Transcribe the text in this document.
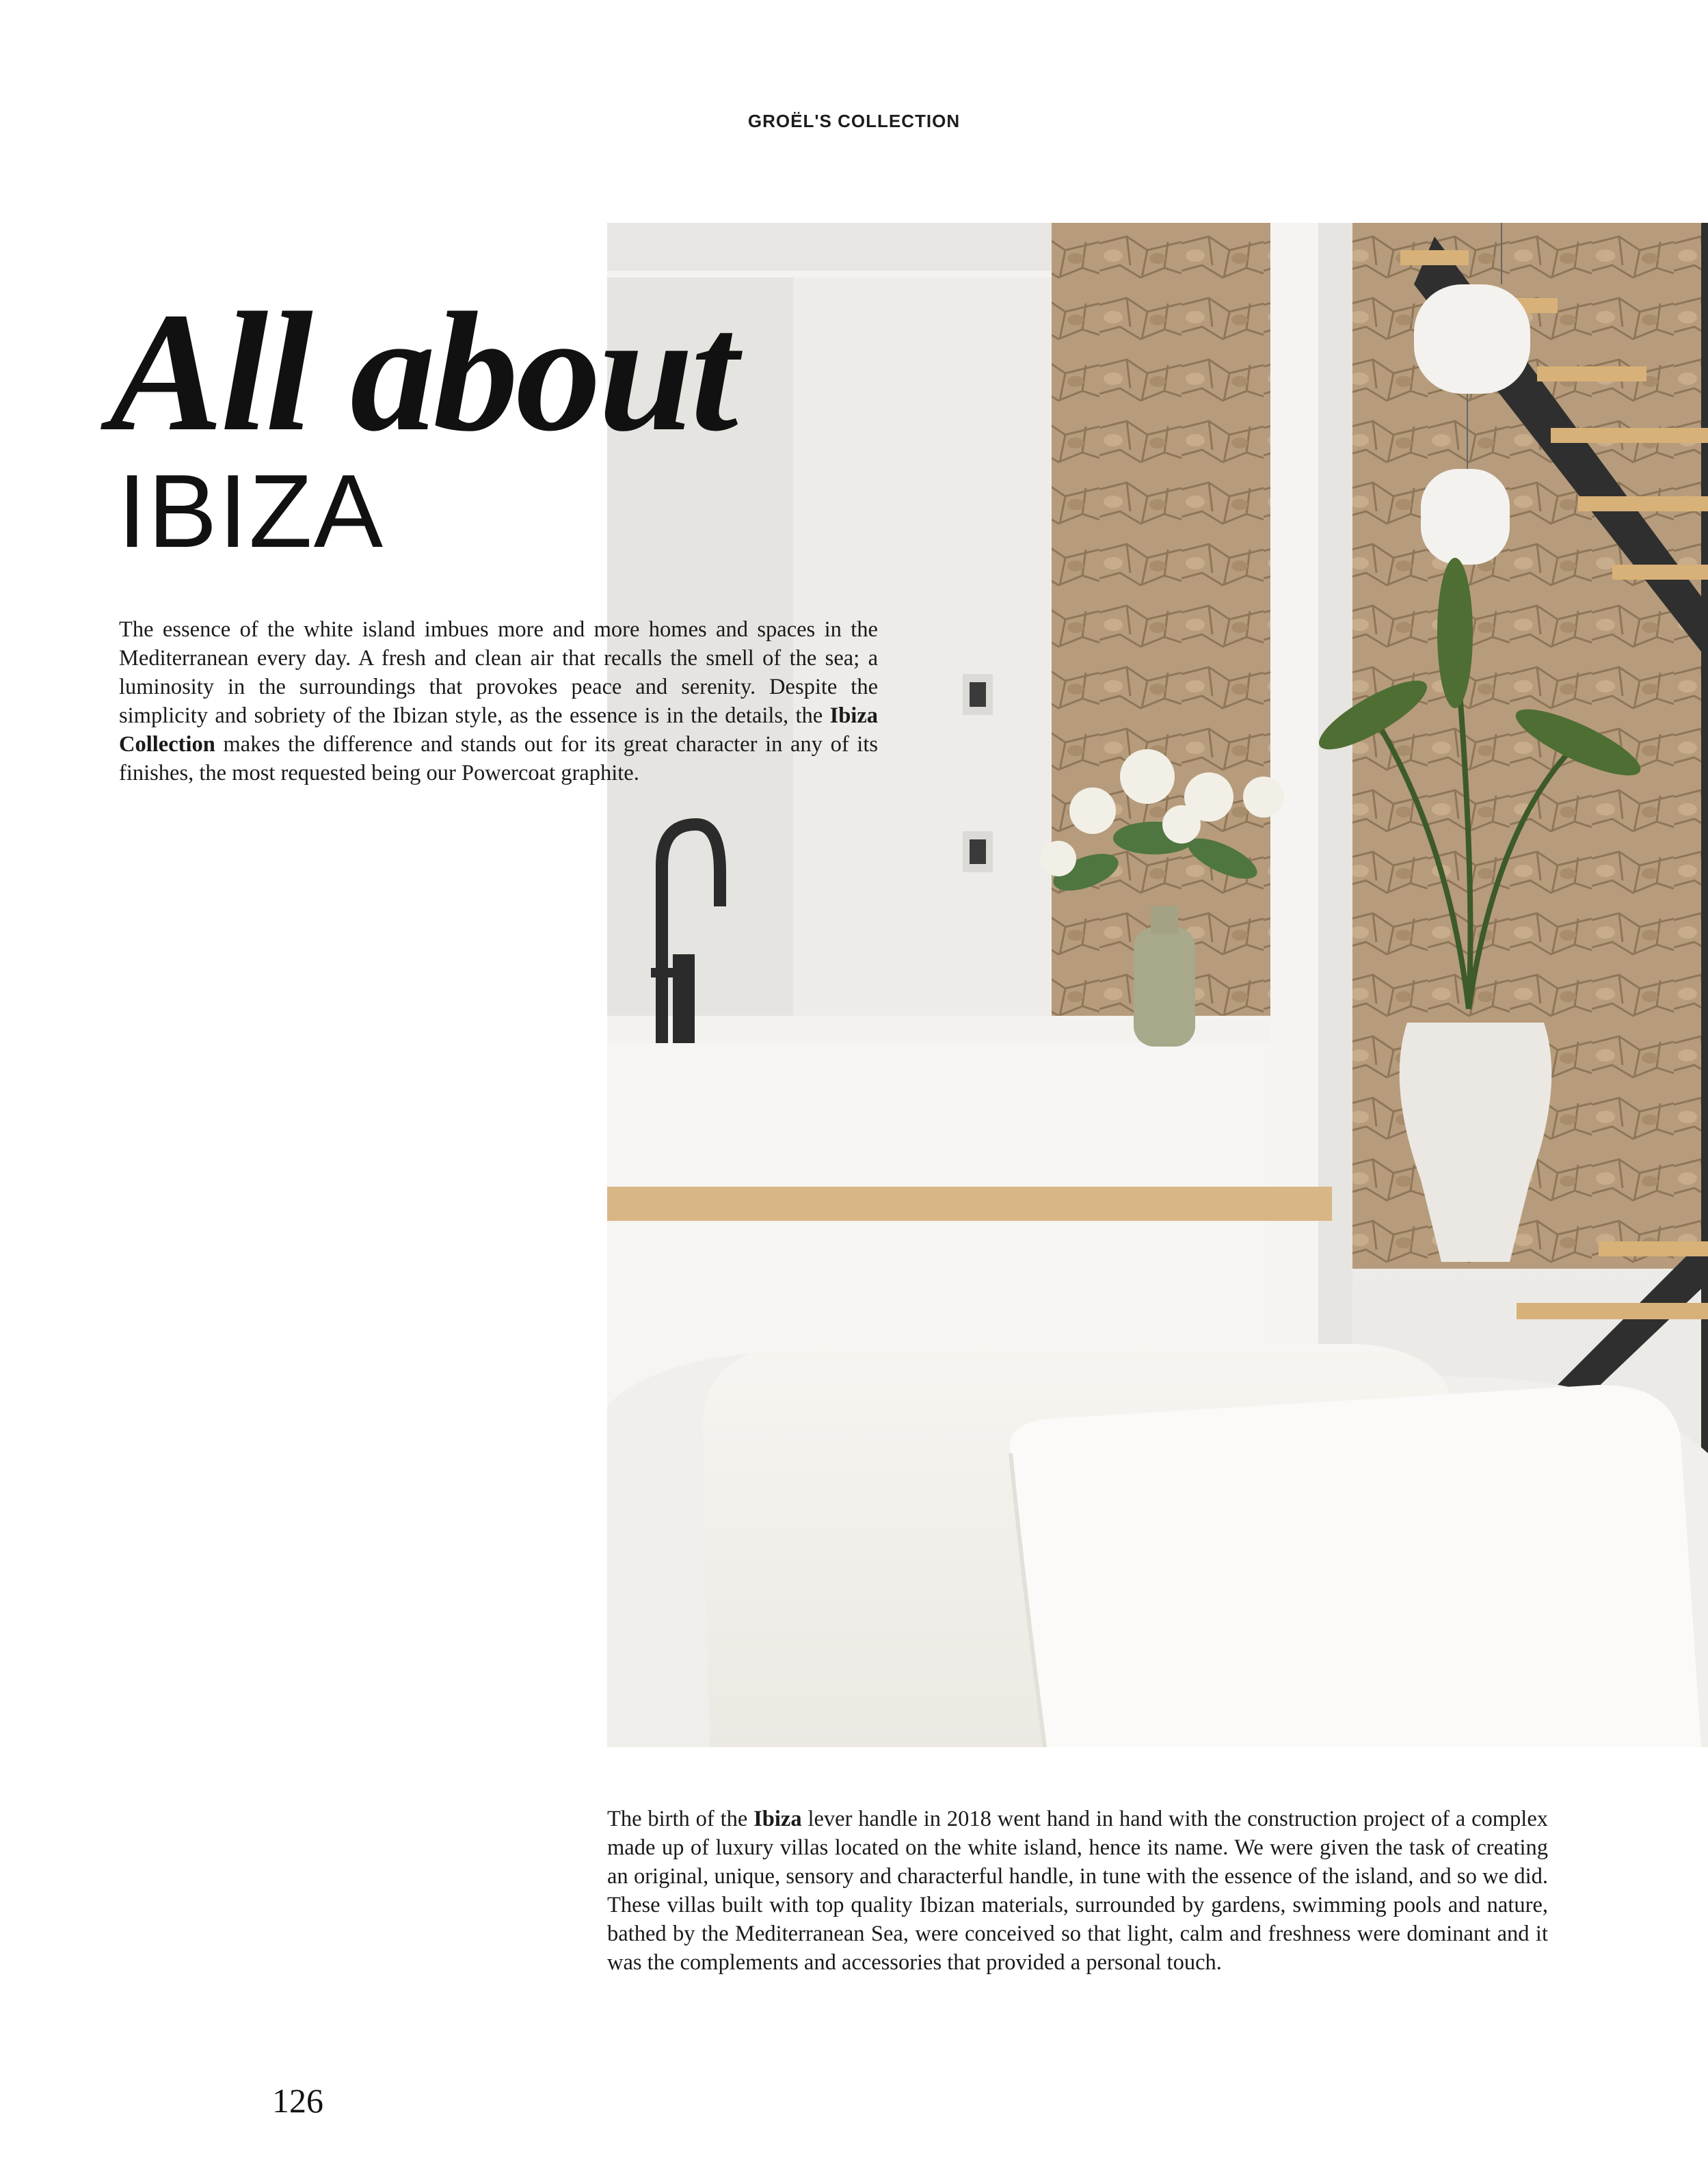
GROËL'S COLLECTION
All about
IBIZA

The essence of the white island imbues more and more homes and spaces in the Mediterranean every day. A fresh and clean air that recalls the smell of the sea; a luminosity in the surroundings that provokes peace and serenity. Despite the simplicity and sobriety of the Ibizan style, as the essence is in the details, the Ibiza Collection makes the difference and stands out for its great character in any of its finishes, the most requested being our Powercoat graphite.

The birth of the Ibiza lever handle in 2018 went hand in hand with the construction project of a complex made up of luxury villas located on the white island, hence its name. We were given the task of creating an original, unique, sensory and characterful handle, in tune with the essence of the island, and so we did. These villas built with top quality Ibizan materials, surrounded by gardens, swimming pools and nature, bathed by the Mediterranean Sea, were conceived so that light, calm and freshness were dominant and it was the complements and accessories that provided a personal touch.

126
